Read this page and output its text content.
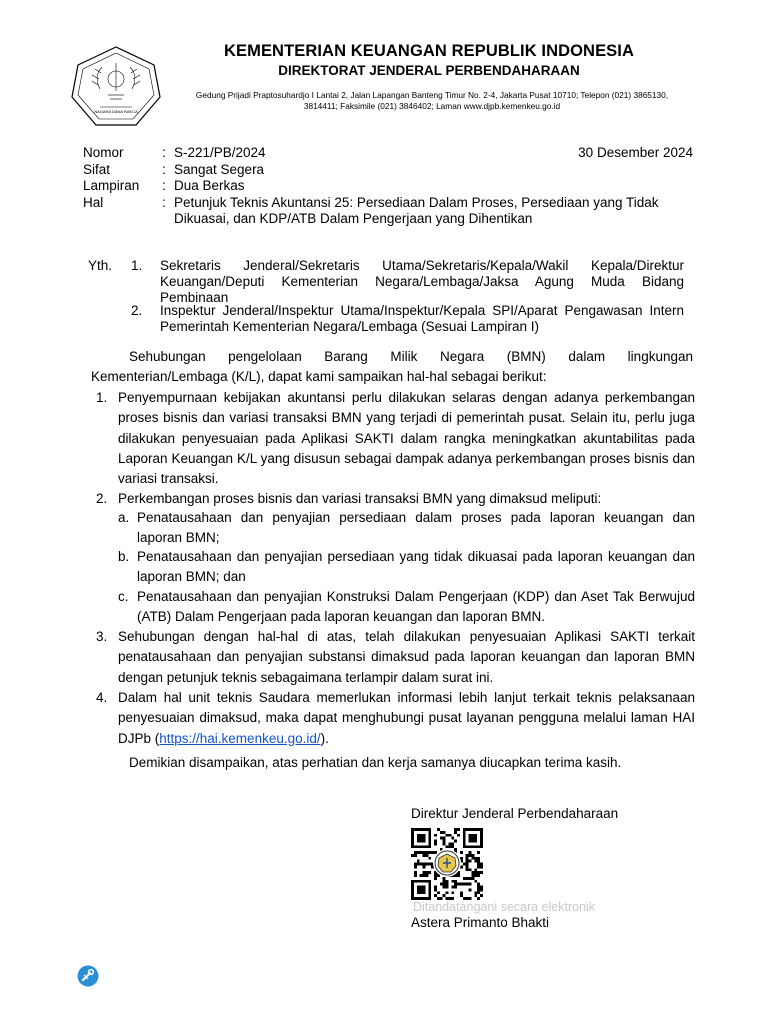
NAGARA DANA RAKCA
KEMENTERIAN KEUANGAN REPUBLIK INDONESIA
DIREKTORAT JENDERAL PERBENDAHARAAN
Gedung Prijadi Praptosuhardjo I Lantai 2, Jalan Lapangan Banteng Timur No. 2-4, Jakarta Pusat 10710; Telepon (021) 3865130,
3814411; Faksimile (021) 3846402; Laman www.djpb.kemenkeu.go.id
Nomor	: S-221/PB/2024	30 Desember 2024
Sifat	: Sangat Segera
Lampiran : Dua Berkas
Hal	: Petunjuk Teknis Akuntansi 25: Persediaan Dalam Proses, Persediaan yang Tidak Dikuasai, dan KDP/ATB Dalam Pengerjaan yang Dihentikan
Yth. 1. Sekretaris Jenderal/Sekretaris Utama/Sekretaris/Kepala/Wakil Kepala/Direktur Keuangan/Deputi Kementerian Negara/Lembaga/Jaksa Agung Muda Bidang Pembinaan
2. Inspektur Jenderal/Inspektur Utama/Inspektur/Kepala SPI/Aparat Pengawasan Intern Pemerintah Kementerian Negara/Lembaga (Sesuai Lampiran I)
Sehubungan pengelolaan Barang Milik Negara (BMN) dalam lingkungan Kementerian/Lembaga (K/L), dapat kami sampaikan hal-hal sebagai berikut:
1. Penyempurnaan kebijakan akuntansi perlu dilakukan selaras dengan adanya perkembangan proses bisnis dan variasi transaksi BMN yang terjadi di pemerintah pusat. Selain itu, perlu juga dilakukan penyesuaian pada Aplikasi SAKTI dalam rangka meningkatkan akuntabilitas pada Laporan Keuangan K/L yang disusun sebagai dampak adanya perkembangan proses bisnis dan variasi transaksi.
2. Perkembangan proses bisnis dan variasi transaksi BMN yang dimaksud meliputi:
a. Penatausahaan dan penyajian persediaan dalam proses pada laporan keuangan dan laporan BMN;
b. Penatausahaan dan penyajian persediaan yang tidak dikuasai pada laporan keuangan dan laporan BMN; dan
c. Penatausahaan dan penyajian Konstruksi Dalam Pengerjaan (KDP) dan Aset Tak Berwujud (ATB) Dalam Pengerjaan pada laporan keuangan dan laporan BMN.
3. Sehubungan dengan hal-hal di atas, telah dilakukan penyesuaian Aplikasi SAKTI terkait penatausahaan dan penyajian substansi dimaksud pada laporan keuangan dan laporan BMN dengan petunjuk teknis sebagaimana terlampir dalam surat ini.
4. Dalam hal unit teknis Saudara memerlukan informasi lebih lanjut terkait teknis pelaksanaan penyesuaian dimaksud, maka dapat menghubungi pusat layanan pengguna melalui laman HAI DJPb (https://hai.kemenkeu.go.id/).
Demikian disampaikan, atas perhatian dan kerja samanya diucapkan terima kasih.
Direktur Jenderal Perbendaharaan
Ditandatangani secara elektronik
Astera Primanto Bhakti
